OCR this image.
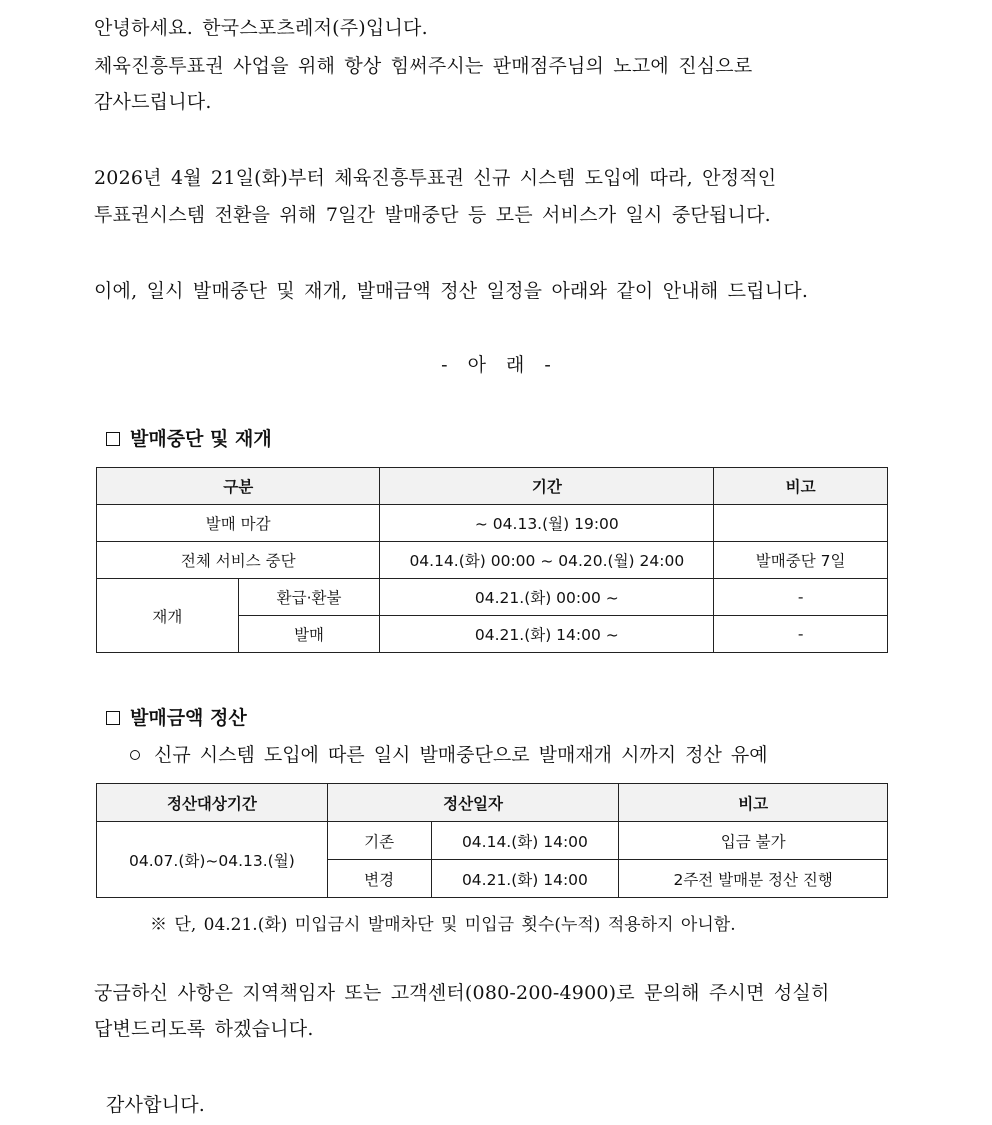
안녕하세요. 한국스포츠레저(주)입니다.
체육진흥투표권 사업을 위해 항상 힘써주시는 판매점주님의 노고에 진심으로
감사드립니다.
2026년 4월 21일(화)부터 체육진흥투표권 신규 시스템 도입에 따라, 안정적인
투표권시스템 전환을 위해 7일간 발매중단 등 모든 서비스가 일시 중단됩니다.
이에, 일시 발매중단 및 재개, 발매금액 정산 일정을 아래와 같이 안내해 드립니다.
- 아 래 -
발매중단 및 재개
구분		기간	비고
발매 마감		~ 04.13.(월) 19:00	
전체 서비스 중단		04.14.(화) 00:00 ~ 04.20.(월) 24:00	발매중단 7일
재개	환급·환불	04.21.(화) 00:00 ~	-
	발매	04.21.(화) 14:00 ~	-
발매금액 정산
신규 시스템 도입에 따른 일시 발매중단으로 발매재개 시까지 정산 유예
정산대상기간	정산일자		비고
04.07.(화)~04.13.(월)	기존	04.14.(화) 14:00	입금 불가
	변경	04.21.(화) 14:00	2주전 발매분 정산 진행
※ 단, 04.21.(화) 미입금시 발매차단 및 미입금 횟수(누적) 적용하지 아니함.
궁금하신 사항은 지역책임자 또는 고객센터(080-200-4900)로 문의해 주시면 성실히
답변드리도록 하겠습니다.
감사합니다.
